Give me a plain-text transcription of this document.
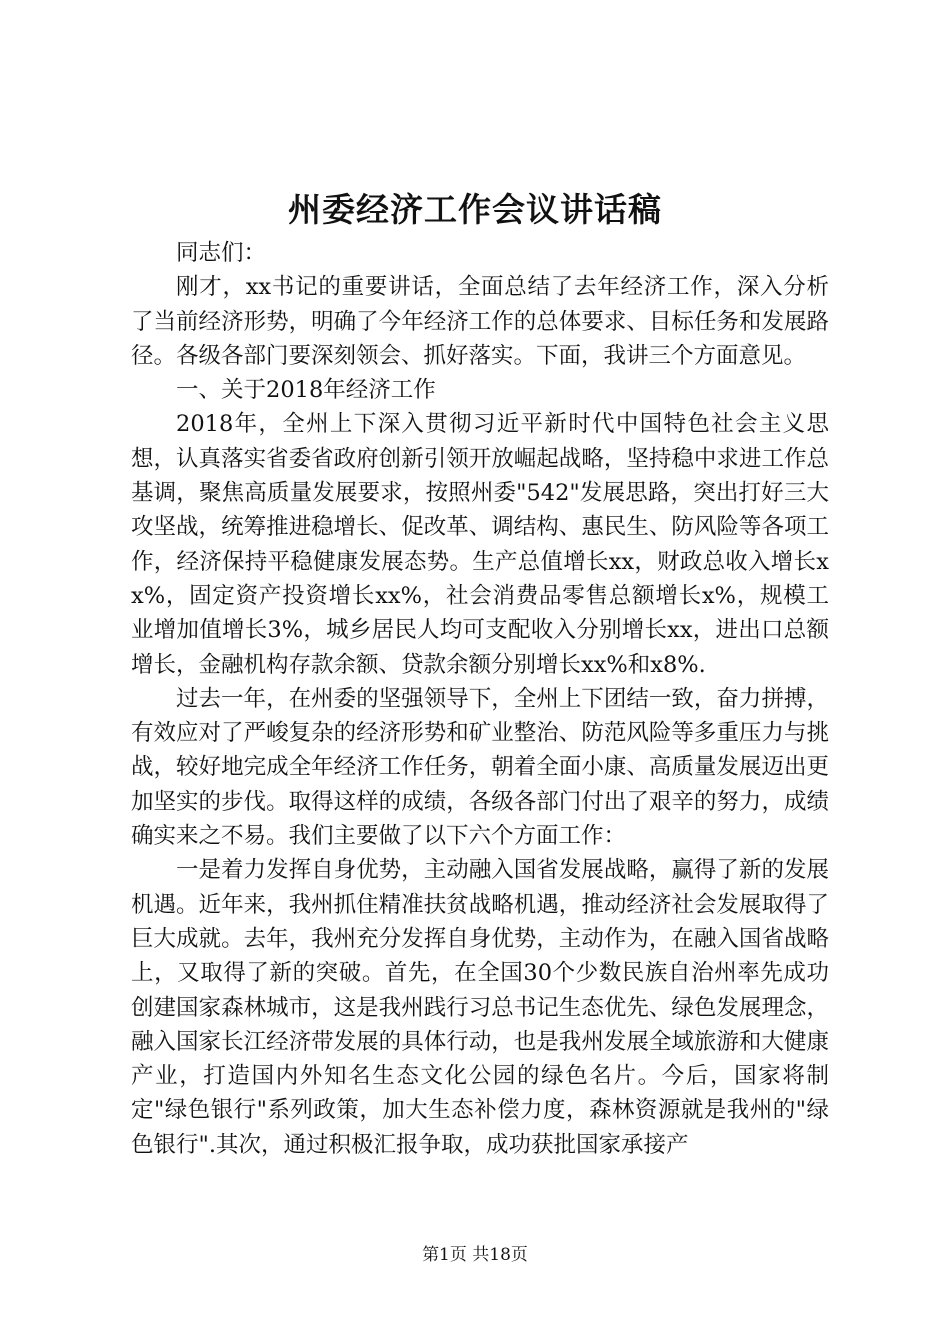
州委经济工作会议讲话稿

同志们：

刚才，xx书记的重要讲话，全面总结了去年经济工作，深入分析了当前经济形势，明确了今年经济工作的总体要求、目标任务和发展路径。各级各部门要深刻领会、抓好落实。下面，我讲三个方面意见。

一、关于2018年经济工作

2018年，全州上下深入贯彻习近平新时代中国特色社会主义思想，认真落实省委省政府创新引领开放崛起战略，坚持稳中求进工作总基调，聚焦高质量发展要求，按照州委"542"发展思路，突出打好三大攻坚战，统筹推进稳增长、促改革、调结构、惠民生、防风险等各项工作，经济保持平稳健康发展态势。生产总值增长xx，财政总收入增长xx%，固定资产投资增长xx%，社会消费品零售总额增长x%，规模工业增加值增长3%，城乡居民人均可支配收入分别增长xx，进出口总额增长，金融机构存款余额、贷款余额分别增长xx%和x8%.

过去一年，在州委的坚强领导下，全州上下团结一致，奋力拼搏，有效应对了严峻复杂的经济形势和矿业整治、防范风险等多重压力与挑战，较好地完成全年经济工作任务，朝着全面小康、高质量发展迈出更加坚实的步伐。取得这样的成绩，各级各部门付出了艰辛的努力，成绩确实来之不易。我们主要做了以下六个方面工作：

一是着力发挥自身优势，主动融入国省发展战略，赢得了新的发展机遇。近年来，我州抓住精准扶贫战略机遇，推动经济社会发展取得了巨大成就。去年，我州充分发挥自身优势，主动作为，在融入国省战略上，又取得了新的突破。首先，在全国30个少数民族自治州率先成功创建国家森林城市，这是我州践行习总书记生态优先、绿色发展理念，融入国家长江经济带发展的具体行动，也是我州发展全域旅游和大健康产业，打造国内外知名生态文化公园的绿色名片。今后，国家将制定"绿色银行"系列政策，加大生态补偿力度，森林资源就是我州的"绿色银行".其次，通过积极汇报争取，成功获批国家承接产

第1页 共18页
